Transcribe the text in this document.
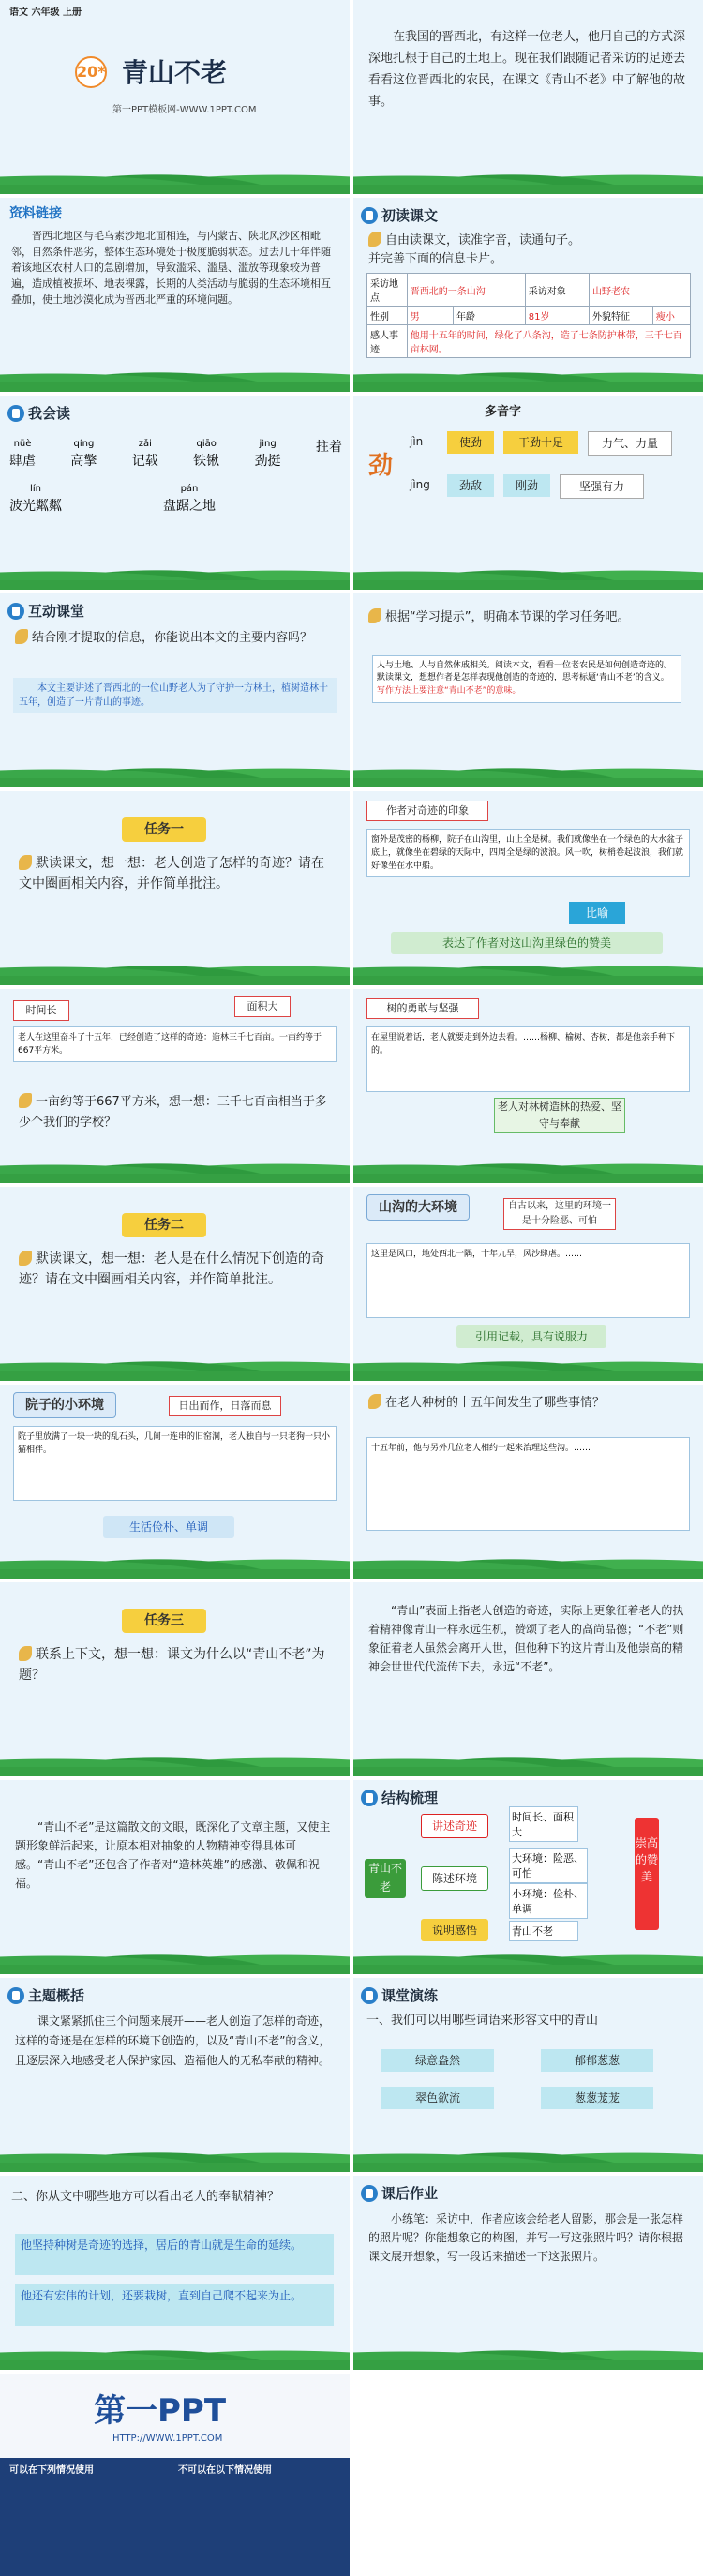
语文 六年级 上册
20* 青山不老
第一PPT模板网-WWW.1PPT.COM
在我国的晋西北，有这样一位老人，他用自己的方式深深地扎根于自己的土地上。现在我们跟随记者采访的足迹去看看这位晋西北的农民，在课文《青山不老》中了解他的故事。
资料链接
晋西北地区与毛乌素沙地北面相连，与内蒙古、陕北风沙区相毗邻，自然条件恶劣，整体生态环境处于极度脆弱状态。过去几十年伴随着该地区农村人口的急剧增加，导致滥采、滥垦、滥放等现象较为普遍，造成植被损坏、地表裸露，长期的人类活动与脆弱的生态环境相互叠加，使土地沙漠化成为晋西北严重的环境问题。
初读课文
自由读课文，读准字音，读通句子。
并完善下面的信息卡片。
采访地点	晋西北的一条山沟		采访对象	山野老农	
性别	男	年龄	81岁	外貌特征	瘦小
感人事迹	他用十五年的时间，绿化了八条沟，造了七条防护林带，三千七百亩林网。				
我会读
nüè
肆虐
qíng
高擎
zǎi
记载
qiāo
铁锹
jìng
劲挺
拄着
lín
波光粼粼
pán
盘踞之地
多音字
劲
jìn
jìng
使劲	干劲十足	力气、力量
劲敌	刚劲	坚强有力
互动课堂
结合刚才提取的信息，你能说出本文的主要内容吗？
本文主要讲述了晋西北的一位山野老人为了守护一方林土，植树造林十五年，创造了一片青山的事迹。
根据“学习提示”，明确本节课的学习任务吧。
人与土地、人与自然休戚相关。阅读本文，看看一位老农民是如何创造奇迹的。默读课文，想想作者是怎样表现他创造的奇迹的，思考标题‘青山不老’的含义。
写作方法上要注意“青山不老”的意味。
任务一
默读课文，想一想：老人创造了怎样的奇迹？请在文中圈画相关内容，并作简单批注。
作者对奇迹的印象
窗外是茂密的杨柳，院子在山沟里，山上全是树。我们就像坐在一个绿色的大水盆子底上，就像坐在碧绿的天际中，四周全是绿的波浪。风一吹，树梢卷起波浪，我们就好像坐在水中船。
比喻
表达了作者对这山沟里绿色的赞美
时间长	面积大
老人在这里奋斗了十五年，已经创造了这样的奇迹：造林三千七百亩。一亩约等于667平方米。
一亩约等于667平方米，想一想：三千七百亩相当于多少个我们的学校？
树的勇敢与坚强
在屋里说着话，老人就要走到外边去看。……杨柳、榆树、杏树，都是他亲手种下的。
老人对林树造林的热爱、坚守与奉献
任务二
默读课文，想一想：老人是在什么情况下创造的奇迹？请在文中圈画相关内容，并作简单批注。
山沟的大环境	自古以来，这里的环境一是十分险恶、可怕
这里是风口，地处西北一隅，十年九旱，风沙肆虐。……
引用记载，具有说服力
院子的小环境	日出而作，日落而息
院子里放满了一块一块的乱石头，几间一连串的旧窑洞，老人独自与一只老狗一只小猫相伴。
生活俭朴、单调
在老人种树的十五年间发生了哪些事情？
十五年前，他与另外几位老人相约一起来治理这些沟。……
任务三
联系上下文，想一想：课文为什么以“青山不老”为题？
“青山”表面上指老人创造的奇迹，实际上更象征着老人的执着精神像青山一样永远生机，赞颂了老人的高尚品德；“不老”则象征着老人虽然会离开人世，但他种下的这片青山及他崇高的精神会世世代代流传下去，永远“不老”。
“青山不老”是这篇散文的文眼，既深化了文章主题，又使主题形象鲜活起来，让原本相对抽象的人物精神变得具体可感。“青山不老”还包含了作者对“造林英雄”的感激、敬佩和祝福。
结构梳理
青山不老
讲述奇迹
陈述环境
说明感悟
时间长、面积大
大环境：险恶、可怕
小环境：俭朴、单调
青山不老
崇高的赞美
主题概括
课文紧紧抓住三个问题来展开——老人创造了怎样的奇迹，这样的奇迹是在怎样的环境下创造的，以及“青山不老”的含义，且逐层深入地感受老人保护家园、造福他人的无私奉献的精神。
课堂演练
一、我们可以用哪些词语来形容文中的青山
绿意盎然	郁郁葱葱
翠色欲流	葱葱茏茏
二、你从文中哪些地方可以看出老人的奉献精神？
他坚持种树是奇迹的选择，居后的青山就是生命的延续。
他还有宏伟的计划，还要栽树，直到自己爬不起来为止。
课后作业
小练笔：采访中，作者应该会给老人留影，那会是一张怎样的照片呢？你能想象它的构图，并写一写这张照片吗？请你根据课文展开想象，写一段话来描述一下这张照片。
第一PPT
HTTP://WWW.1PPT.COM
可以在下列情况使用	不可以在以下情况使用
